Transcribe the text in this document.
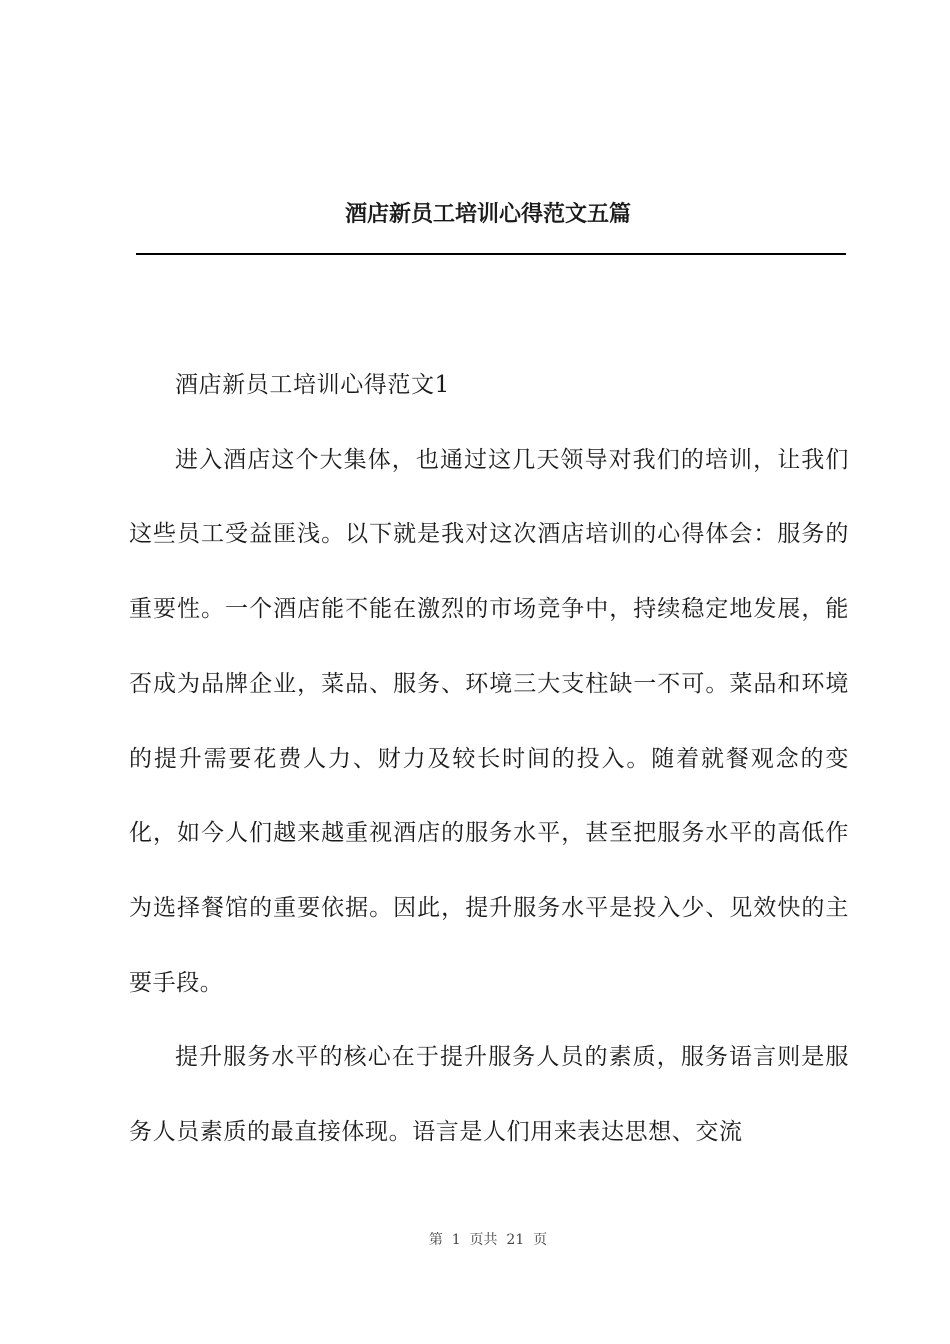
酒店新员工培训心得范文五篇

酒店新员工培训心得范文1

进入酒店这个大集体，也通过这几天领导对我们的培训，让我们这些员工受益匪浅。以下就是我对这次酒店培训的心得体会：服务的重要性。一个酒店能不能在激烈的市场竞争中，持续稳定地发展，能否成为品牌企业，菜品、服务、环境三大支柱缺一不可。菜品和环境的提升需要花费人力、财力及较长时间的投入。随着就餐观念的变化，如今人们越来越重视酒店的服务水平，甚至把服务水平的高低作为选择餐馆的重要依据。因此，提升服务水平是投入少、见效快的主要手段。

提升服务水平的核心在于提升服务人员的素质，服务语言则是服务人员素质的最直接体现。语言是人们用来表达思想、交流

第  1  页共  21  页
